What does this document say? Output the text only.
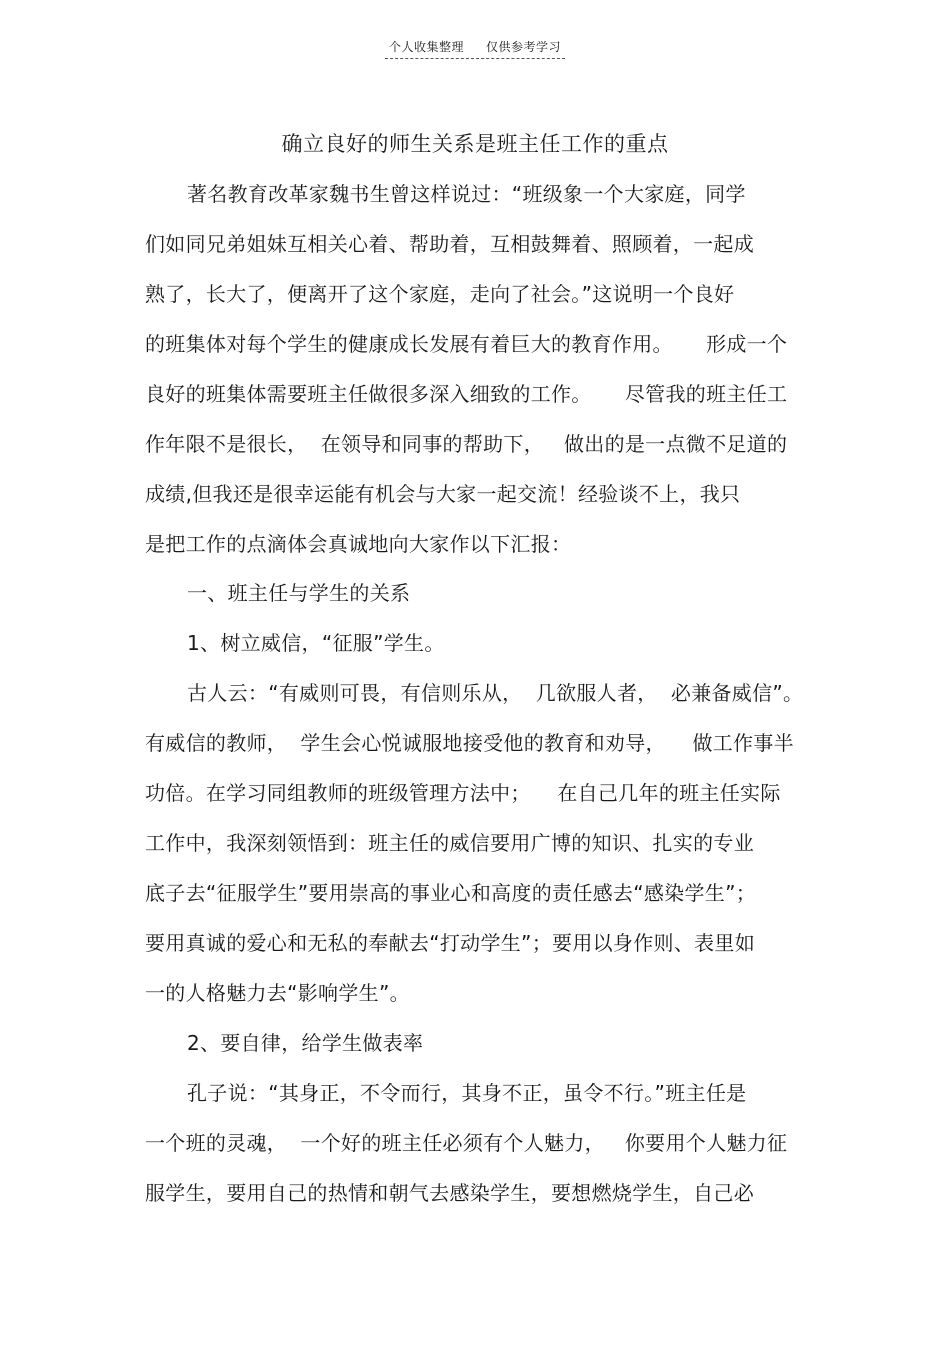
个人收集整理 仅供参考学习
确立良好的师生关系是班主任工作的重点
著名教育改革家魏书生曾这样说过：“班级象一个大家庭，同学
们如同兄弟姐妹互相关心着、帮助着，互相鼓舞着、照顾着，一起成
熟了，长大了，便离开了这个家庭，走向了社会。”这说明一个良好
的班集体对每个学生的健康成长发展有着巨大的教育作用。     形成一个
良好的班集体需要班主任做很多深入细致的工作。     尽管我的班主任工
作年限不是很长，  在领导和同事的帮助下，   做出的是一点微不足道的
成绩,但我还是很幸运能有机会与大家一起交流！经验谈不上，我只
是把工作的点滴体会真诚地向大家作以下汇报：
一、班主任与学生的关系
1、树立威信，“征服”学生。
古人云：“有威则可畏，有信则乐从，  几欲服人者，  必兼备威信”。
有威信的教师，  学生会心悦诚服地接受他的教育和劝导，    做工作事半
功倍。在学习同组教师的班级管理方法中；    在自己几年的班主任实际
工作中，我深刻领悟到：班主任的威信要用广博的知识、扎实的专业
底子去“征服学生”要用崇高的事业心和高度的责任感去“感染学生”；
要用真诚的爱心和无私的奉献去“打动学生”；要用以身作则、表里如
一的人格魅力去“影响学生”。
2、要自律，给学生做表率
孔子说：“其身正，不令而行，其身不正，虽令不行。”班主任是
一个班的灵魂，  一个好的班主任必须有个人魅力，   你要用个人魅力征
服学生，要用自己的热情和朝气去感染学生，要想燃烧学生，自己必
